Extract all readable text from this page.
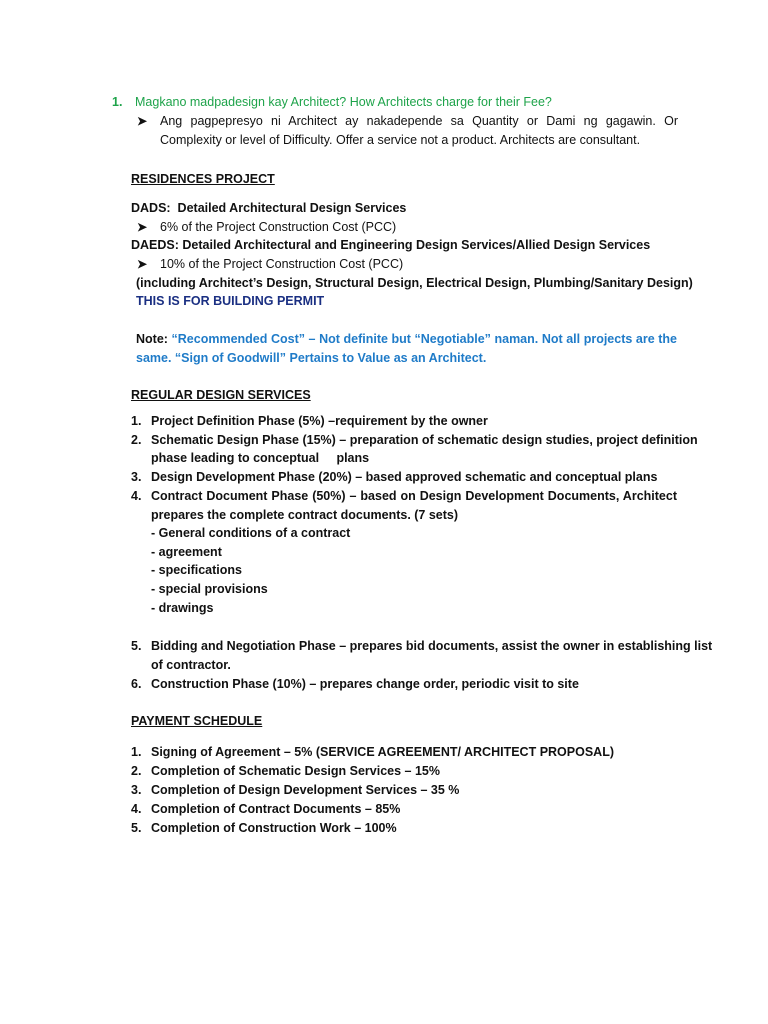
1. Magkano madpadesign kay Architect? How Architects charge for their Fee?
➤ Ang pagpepresyo ni Architect ay nakadepende sa Quantity or Dami ng gagawin. Or
Complexity or level of Difficulty. Offer a service not a product. Architects are consultant.
RESIDENCES PROJECT
DADS: Detailed Architectural Design Services
➤ 6% of the Project Construction Cost (PCC)
DAEDS: Detailed Architectural and Engineering Design Services/Allied Design Services
➤ 10% of the Project Construction Cost (PCC)
(including Architect’s Design, Structural Design, Electrical Design, Plumbing/Sanitary Design)
THIS IS FOR BUILDING PERMIT
Note: “Recommended Cost” – Not definite but “Negotiable” naman. Not all projects are the
same. “Sign of Goodwill” Pertains to Value as an Architect.
REGULAR DESIGN SERVICES
1. Project Definition Phase (5%) –requirement by the owner
2. Schematic Design Phase (15%) – preparation of schematic design studies, project definition
phase leading to conceptual     plans
3. Design Development Phase (20%) – based approved schematic and conceptual plans
4. Contract Document Phase (50%) – based on Design Development Documents, Architect
prepares the complete contract documents. (7 sets)
- General conditions of a contract
- agreement
- specifications
- special provisions
- drawings
5. Bidding and Negotiation Phase – prepares bid documents, assist the owner in establishing list
of contractor.
6. Construction Phase (10%) – prepares change order, periodic visit to site
PAYMENT SCHEDULE
1. Signing of Agreement – 5% (SERVICE AGREEMENT/ ARCHITECT PROPOSAL)
2. Completion of Schematic Design Services – 15%
3. Completion of Design Development Services – 35 %
4. Completion of Contract Documents – 85%
5. Completion of Construction Work – 100%
